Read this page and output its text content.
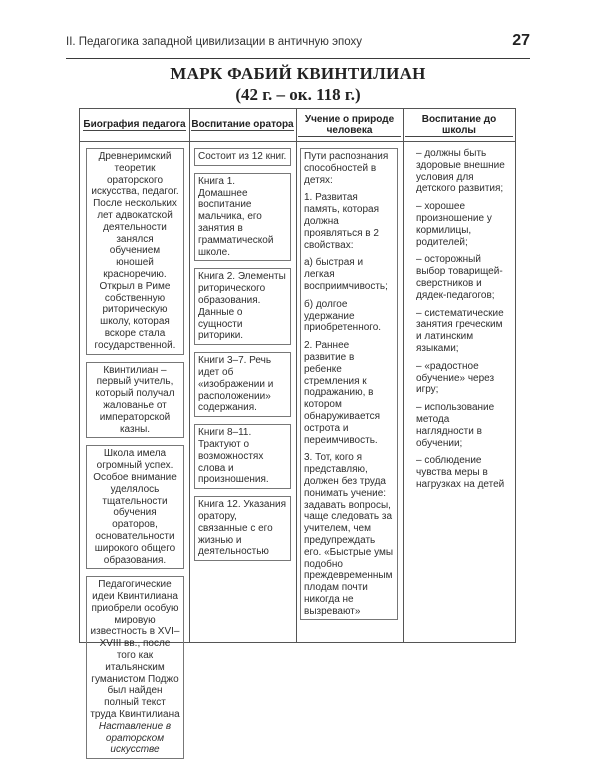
II. Педагогика западной цивилизации в античную эпоху	27
МАРК ФАБИЙ КВИНТИЛИАН
(42 г. – ок. 118 г.)
Биография педагога Воспитание оратора	Учение о природе человека
Воспитание до школы
Древнеримский теоретик ораторского искусства, педагог. После нескольких лет адвокатской деятельности занялся обучением юношей красноречию. Открыл в Риме собственную риторическую школу, которая вскоре стала государственной.
Квинтилиан – первый учитель, который получал жалованье от императорской казны.
Школа имела огромный успех. Особое внимание уделялось тщательности обучения ораторов, основательности широкого общего образования.
Педагогические идеи Квинтилиана приобрели особую мировую известность в XVI–XVIII вв., после того как итальянским гуманистом Поджо был найден полный текст труда Квинтилиана Наставление в ораторском искусстве
Состоит из 12 книг.
Книга 1. Домашнее воспитание мальчика, его занятия в грамматической школе.
Книга 2. Элементы риторического образования. Данные о сущности риторики.
Книги 3–7. Речь идет об «изображении и расположении» содержания.
Книги 8–11. Трактуют о возможностях слова и произношения.
Книга 12. Указания оратору, связанные с его жизнью и деятельностью
Пути распознания способностей в детях:
1. Развитая память, которая должна проявляться в 2 свойствах:
а) быстрая и легкая восприимчивость;
б) долгое удержание приобретенного.
2. Раннее развитие в ребенке стремления к подражанию, в котором обнаруживается острота и переимчивость.
3. Тот, кого я представляю, должен без труда понимать учение: задавать вопросы, чаще следовать за учителем, чем предупреждать его. «Быстрые умы подобно преждевременным плодам почти никогда не вызревают»
– должны быть здоровые внешние условия для детского развития;
– хорошее произношение у кормилицы, родителей;
– осторожный выбор товарищей-сверстников и дядек-педагогов;
– систематические занятия греческим и латинским языками;
– «радостное обучение» через игру;
– использование метода наглядности в обучении;
– соблюдение чувства меры в нагрузках на детей
